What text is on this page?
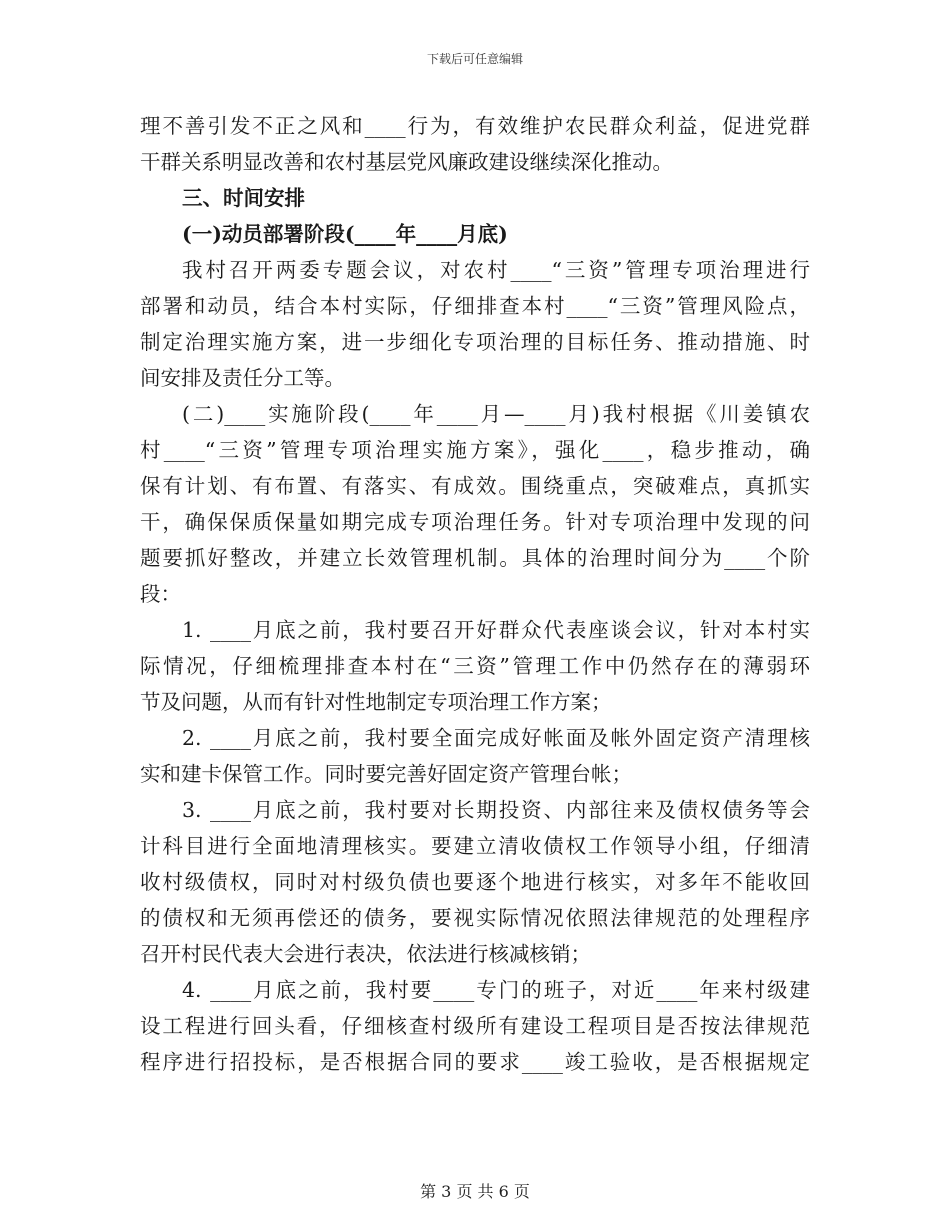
下载后可任意编辑
理不善引发不正之风和____行为，有效维护农民群众利益，促进党群
干群关系明显改善和农村基层党风廉政建设继续深化推动。
三、时间安排
(一)动员部署阶段(____年____月底)
我村召开两委专题会议，对农村____“三资”管理专项治理进行
部署和动员，结合本村实际，仔细排查本村____“三资”管理风险点，
制定治理实施方案，进一步细化专项治理的目标任务、推动措施、时
间安排及责任分工等。
(二)____实施阶段(____年____月—____月)我村根据《川姜镇农
村____“三资”管理专项治理实施方案》，强化____，稳步推动，确
保有计划、有布置、有落实、有成效。围绕重点，突破难点，真抓实
干，确保保质保量如期完成专项治理任务。针对专项治理中发现的问
题要抓好整改，并建立长效管理机制。具体的治理时间分为____个阶
段：
1. ____月底之前，我村要召开好群众代表座谈会议，针对本村实
际情况，仔细梳理排查本村在“三资”管理工作中仍然存在的薄弱环
节及问题，从而有针对性地制定专项治理工作方案；
2. ____月底之前，我村要全面完成好帐面及帐外固定资产清理核
实和建卡保管工作。同时要完善好固定资产管理台帐；
3. ____月底之前，我村要对长期投资、内部往来及债权债务等会
计科目进行全面地清理核实。要建立清收债权工作领导小组，仔细清
收村级债权，同时对村级负债也要逐个地进行核实，对多年不能收回
的债权和无须再偿还的债务，要视实际情况依照法律规范的处理程序
召开村民代表大会进行表决，依法进行核减核销；
4. ____月底之前，我村要____专门的班子，对近____年来村级建
设工程进行回头看，仔细核查村级所有建设工程项目是否按法律规范
程序进行招投标，是否根据合同的要求____竣工验收，是否根据规定
第 3 页 共 6 页
